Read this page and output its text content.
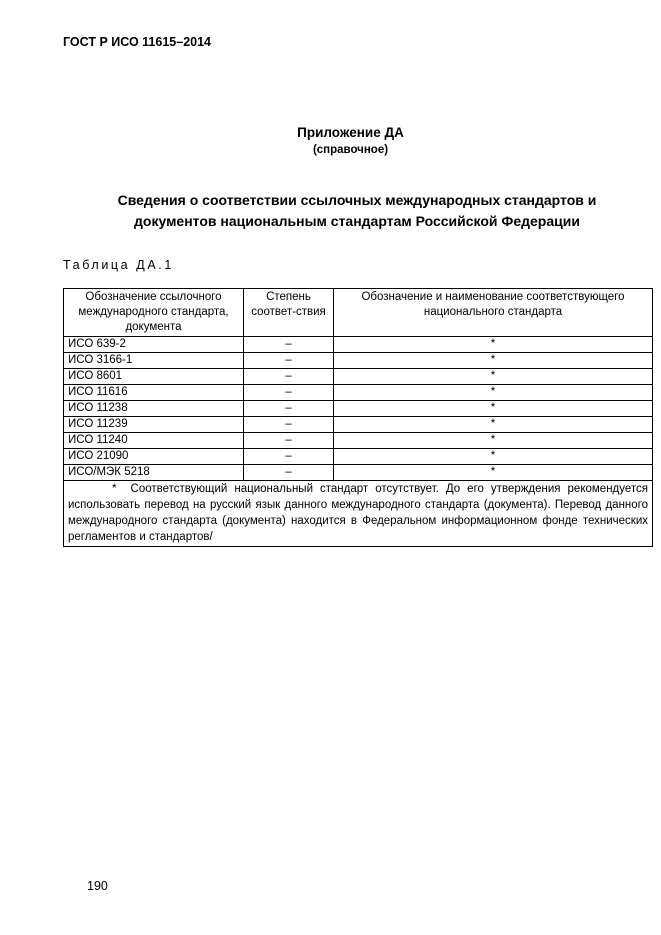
ГОСТ Р ИСО 11615–2014
Приложение ДА
(справочное)
Сведения о соответствии ссылочных международных стандартов и
документов национальным стандартам Российской Федерации
Таблица ДА.1
Обозначение ссылочного международного стандарта, документа	Степень соответ-ствия	Обозначение и наименование соответствующего национального стандарта
ИСО 639-2	–	*
ИСО 3166-1	–	*
ИСО 8601	–	*
ИСО 11616	–	*
ИСО 11238	–	*
ИСО 11239	–	*
ИСО 11240	–	*
ИСО 21090	–	*
ИСО/МЭК 5218	–	*
* Соответствующий национальный стандарт отсутствует. До его утверждения рекомендуется использовать перевод на русский язык данного международного стандарта (документа). Перевод данного международного стандарта (документа) находится в Федеральном информационном фонде технических регламентов и стандартов/		
190
